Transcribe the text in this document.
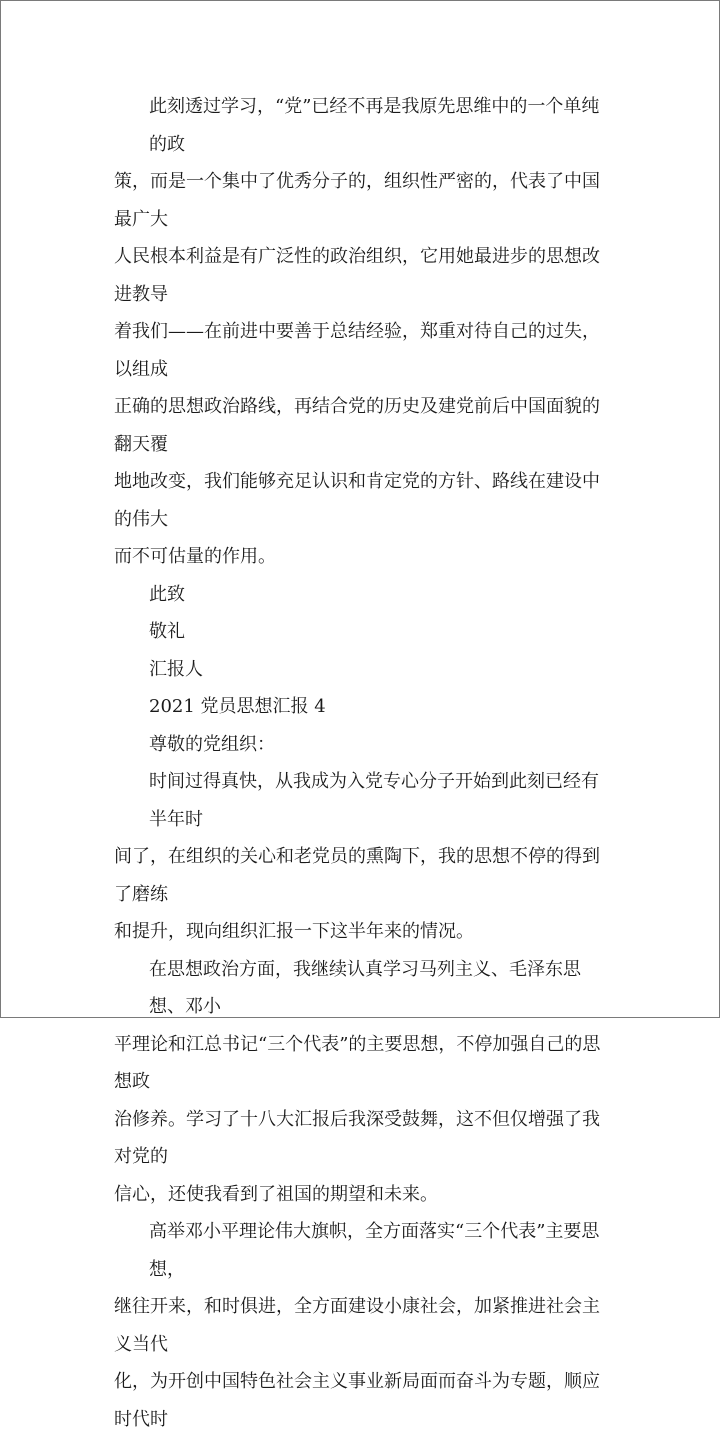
此刻透过学习，“党”已经不再是我原先思维中的一个单纯的政
策，而是一个集中了优秀分子的，组织性严密的，代表了中国最广大
人民根本利益是有广泛性的政治组织，它用她最进步的思想改进教导
着我们——在前进中要善于总结经验，郑重对待自己的过失，以组成
正确的思想政治路线，再结合党的历史及建党前后中国面貌的翻天覆
地地改变，我们能够充足认识和肯定党的方针、路线在建设中的伟大
而不可估量的作用。
此致
敬礼
汇报人
2021 党员思想汇报 4
尊敬的党组织：
时间过得真快，从我成为入党专心分子开始到此刻已经有半年时
间了，在组织的关心和老党员的熏陶下，我的思想不停的得到了磨练
和提升，现向组织汇报一下这半年来的情况。
在思想政治方面，我继续认真学习马列主义、毛泽东思想、邓小
平理论和江总书记“三个代表”的主要思想，不停加强自己的思想政
治修养。学习了十八大汇报后我深受鼓舞，这不但仅增强了我对党的
信心，还使我看到了祖国的期望和未来。
高举邓小平理论伟大旗帜，全方面落实“三个代表”主要思想，
继往开来，和时俱进，全方面建设小康社会，加紧推进社会主义当代
化，为开创中国特色社会主义事业新局面而奋斗为专题，顺应时代时
